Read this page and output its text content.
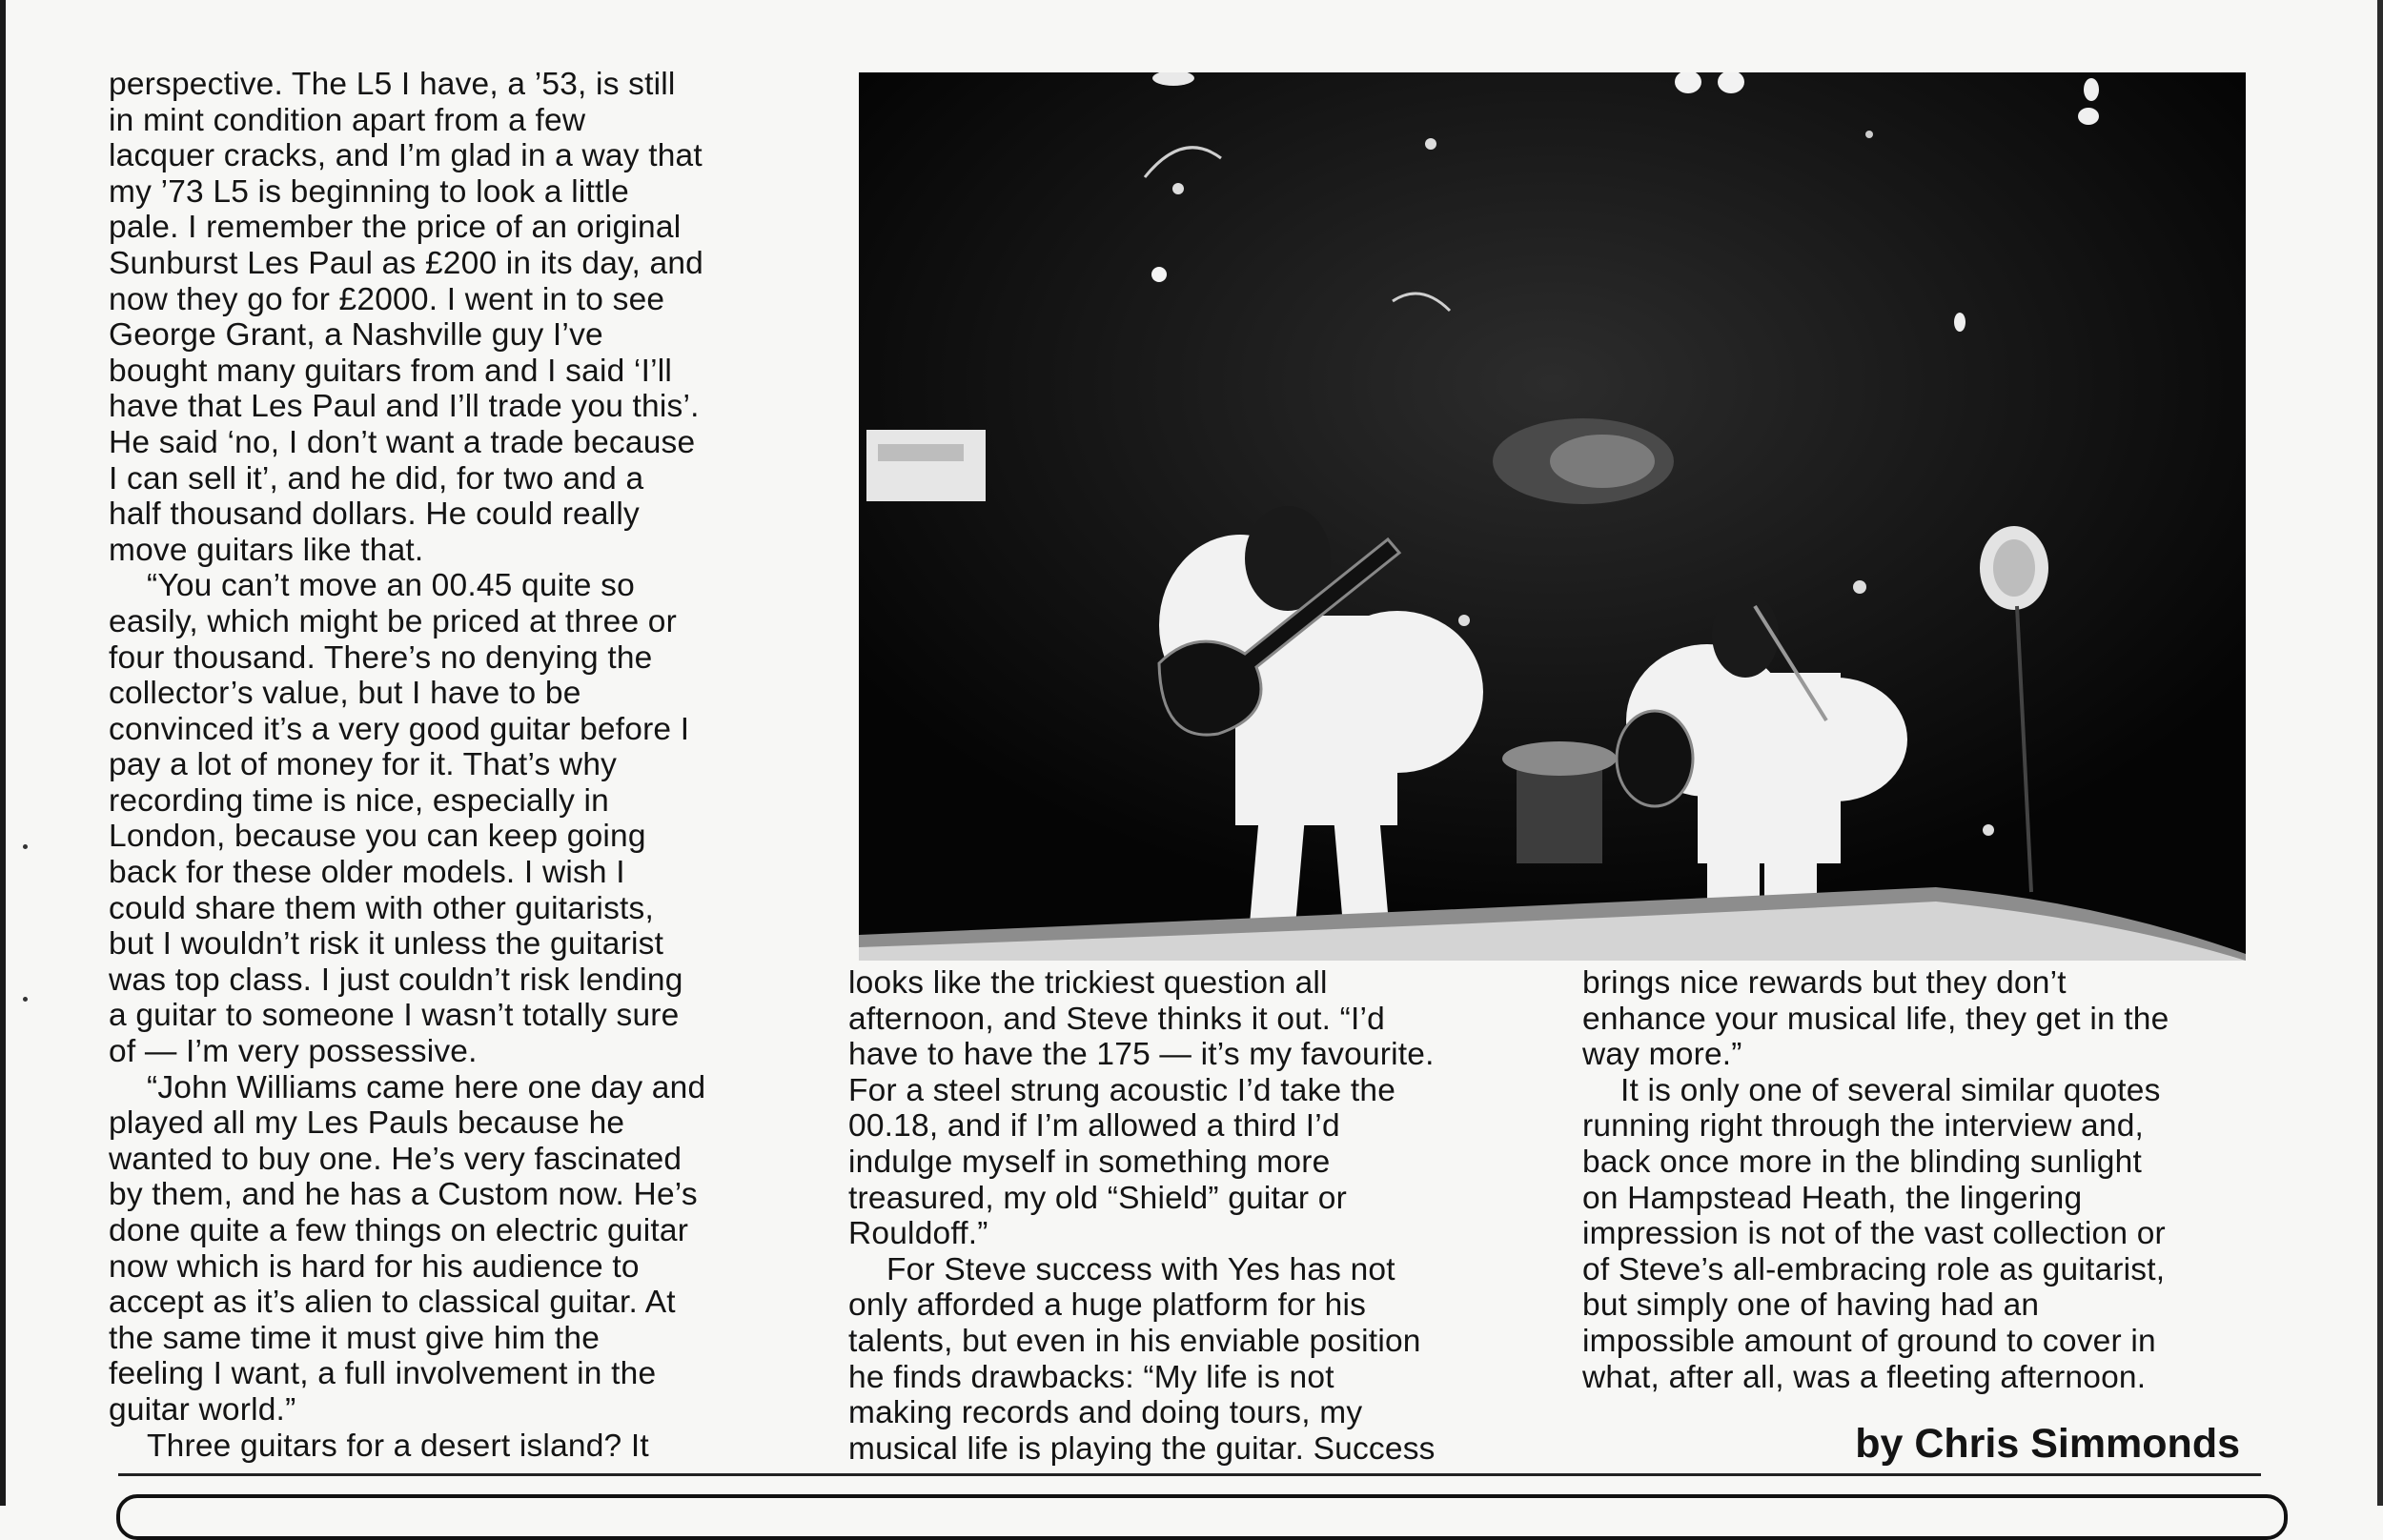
perspective. The L5 I have, a ’53, is still
in mint condition apart from a few
lacquer cracks, and I’m glad in a way that
my ’73 L5 is beginning to look a little
pale. I remember the price of an original
Sunburst Les Paul as £200 in its day, and
now they go for £2000. I went in to see
George Grant, a Nashville guy I’ve
bought many guitars from and I said ‘I’ll
have that Les Paul and I’ll trade you this’.
He said ‘no, I don’t want a trade because
I can sell it’, and he did, for two and a
half thousand dollars. He could really
move guitars like that.
“You can’t move an 00.45 quite so
easily, which might be priced at three or
four thousand. There’s no denying the
collector’s value, but I have to be
convinced it’s a very good guitar before I
pay a lot of money for it. That’s why
recording time is nice, especially in
London, because you can keep going
back for these older models. I wish I
could share them with other guitarists,
but I wouldn’t risk it unless the guitarist
was top class. I just couldn’t risk lending
a guitar to someone I wasn’t totally sure
of — I’m very possessive.
“John Williams came here one day and
played all my Les Pauls because he
wanted to buy one. He’s very fascinated
by them, and he has a Custom now. He’s
done quite a few things on electric guitar
now which is hard for his audience to
accept as it’s alien to classical guitar. At
the same time it must give him the
feeling I want, a full involvement in the
guitar world.”
Three guitars for a desert island? It
looks like the trickiest question all
afternoon, and Steve thinks it out. “I’d
have to have the 175 — it’s my favourite.
For a steel strung acoustic I’d take the
00.18, and if I’m allowed a third I’d
indulge myself in something more
treasured, my old “Shield” guitar or
Rouldoff.”
For Steve success with Yes has not
only afforded a huge platform for his
talents, but even in his enviable position
he finds drawbacks: “My life is not
making records and doing tours, my
musical life is playing the guitar. Success
brings nice rewards but they don’t
enhance your musical life, they get in the
way more.”
It is only one of several similar quotes
running right through the interview and,
back once more in the blinding sunlight
on Hampstead Heath, the lingering
impression is not of the vast collection or
of Steve’s all-embracing role as guitarist,
but simply one of having had an
impossible amount of ground to cover in
what, after all, was a fleeting afternoon.
by Chris Simmonds
